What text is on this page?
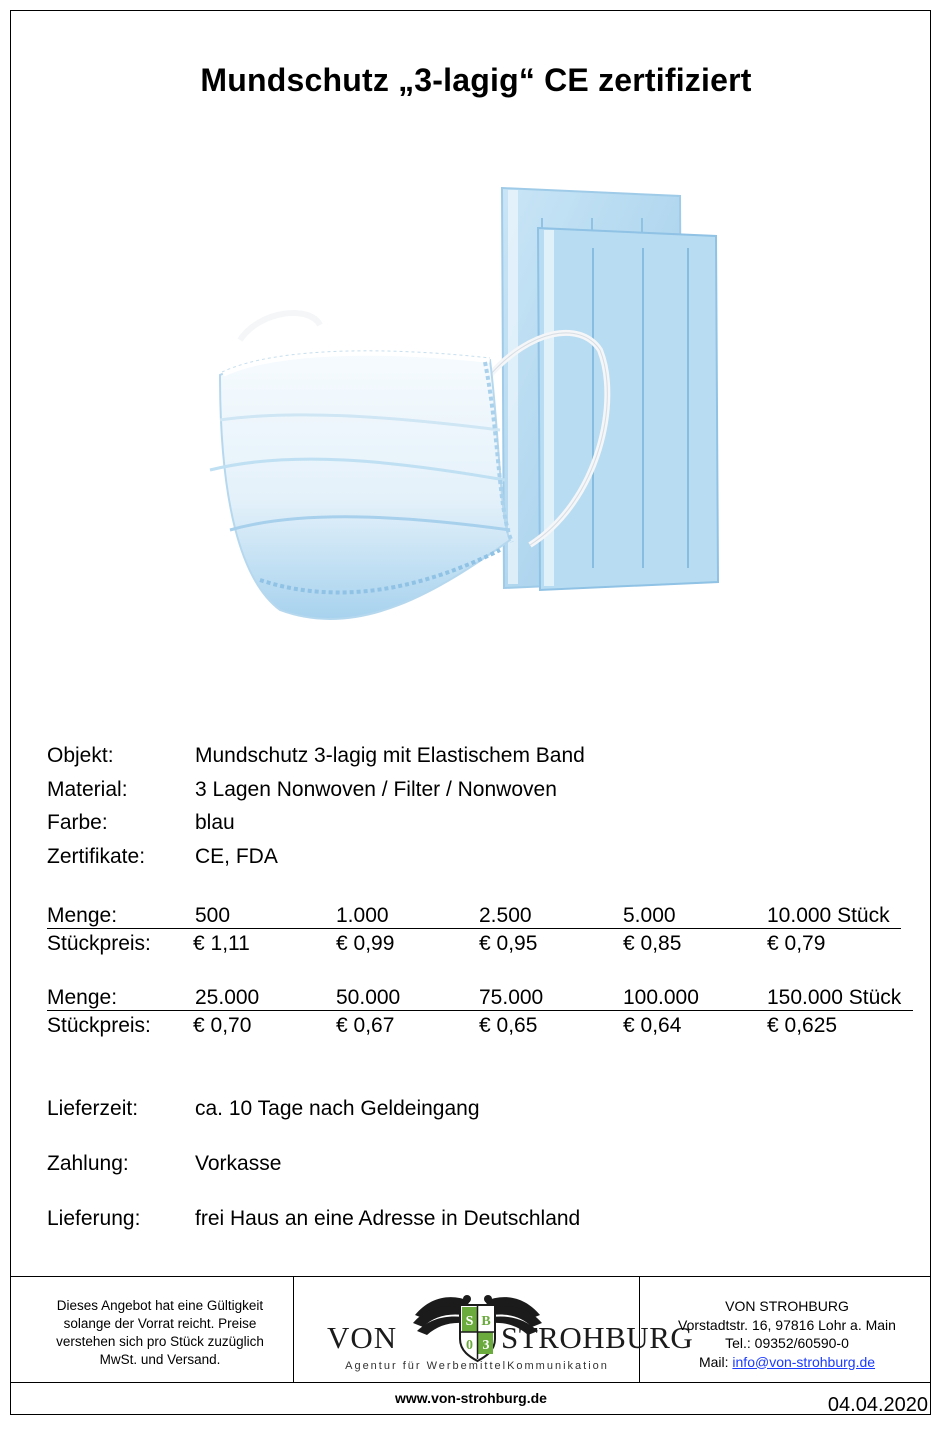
Mundschutz „3-lagig“ CE zertifiziert
Objekt:	Mundschutz 3-lagig mit Elastischem Band
Material:	3 Lagen Nonwoven / Filter / Nonwoven
Farbe:	blau
Zertifikate: CE, FDA
Menge:	500	1.000	2.500	5.000	10.000 Stück
Stückpreis: € 1,11	€ 0,99	€ 0,95	€ 0,85	€ 0,79
Menge:	25.000	50.000	75.000	100.000	150.000 Stück
Stückpreis: € 0,70	€ 0,67	€ 0,65	€ 0,64	€ 0,625
Lieferzeit:	ca. 10 Tage nach Geldeingang
Zahlung:	Vorkasse
Lieferung:	frei Haus an eine Adresse in Deutschland
Dieses Angebot hat eine Gültigkeit
solange der Vorrat reicht. Preise
verstehen sich pro Stück zuzüglich
MwSt. und Versand.
S B
0 3
VON	STROHBURG
Agentur für WerbemittelKommunikation
VON STROHBURG
Vorstadtstr. 16, 97816 Lohr a. Main
Tel.: 09352/60590-0
Mail: info@von-strohburg.de
www.von-strohburg.de	04.04.2020
